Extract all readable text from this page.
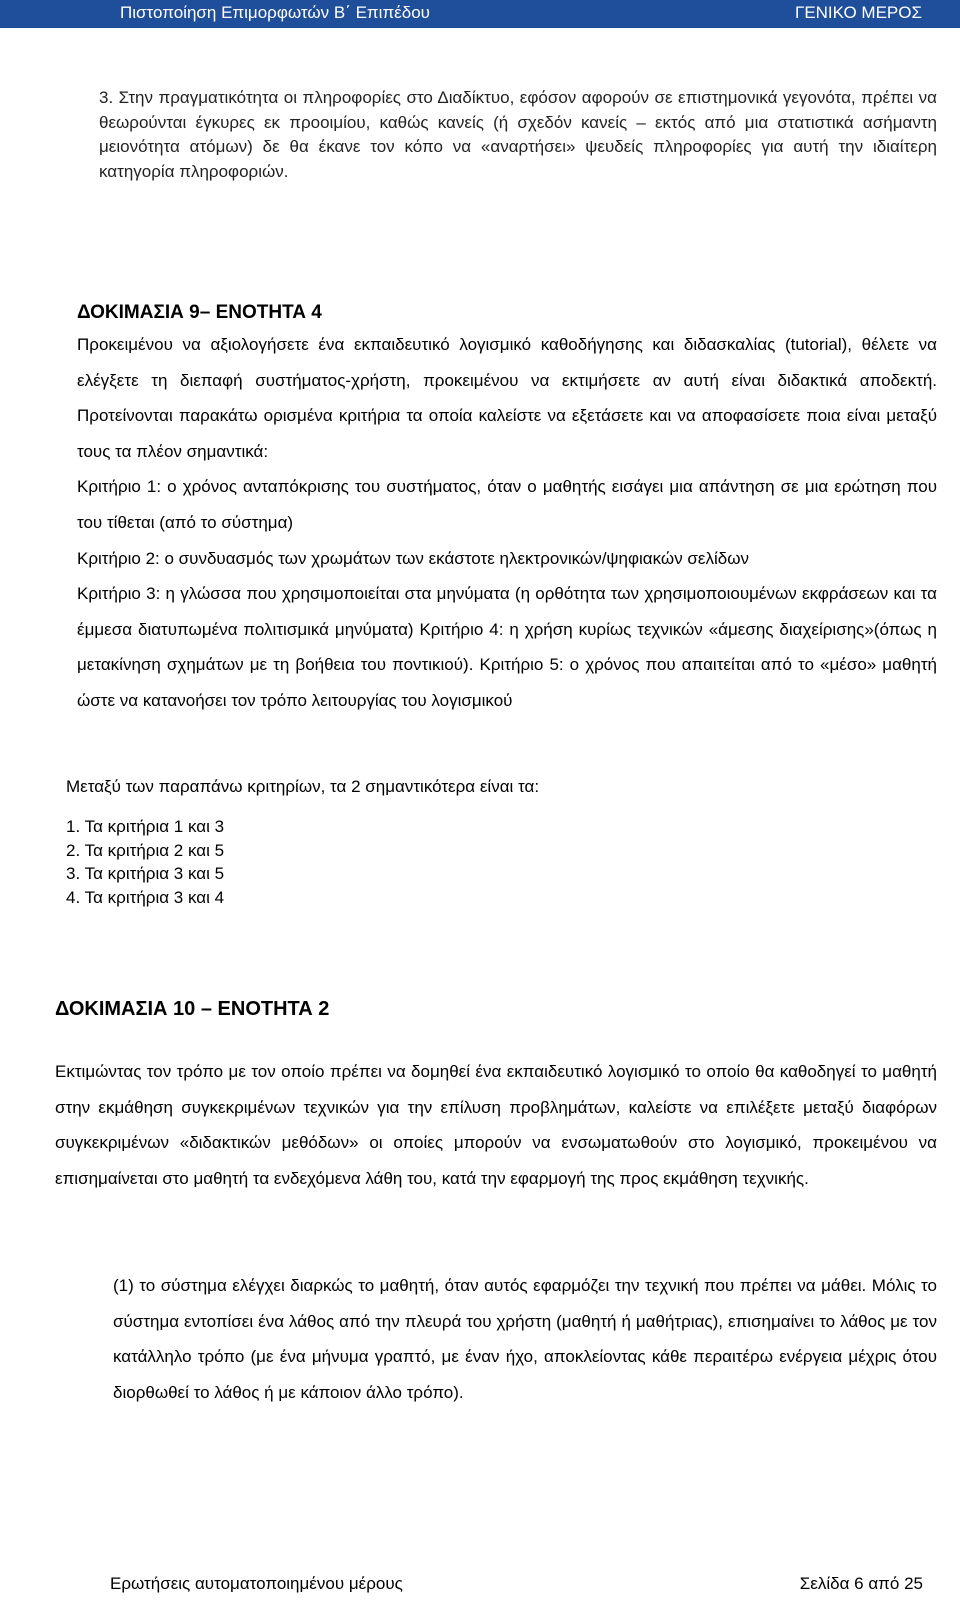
Πιστοποίηση Επιμορφωτών Β΄ Επιπέδου	ΓΕΝΙΚΟ ΜΕΡΟΣ
3. Στην πραγματικότητα οι πληροφορίες στο Διαδίκτυο, εφόσον αφορούν σε επιστημονικά γεγονότα, πρέπει να θεωρούνται έγκυρες εκ προοιμίου, καθώς κανείς (ή σχεδόν κανείς – εκτός από μια στατιστικά ασήμαντη μειονότητα ατόμων) δε θα έκανε τον κόπο να «αναρτήσει» ψευδείς πληροφορίες για αυτή την ιδιαίτερη κατηγορία πληροφοριών.
ΔΟΚΙΜΑΣΙΑ 9– ΕΝΟΤΗΤΑ 4

Προκειμένου να αξιολογήσετε ένα εκπαιδευτικό λογισμικό καθοδήγησης και διδασκαλίας (tutorial), θέλετε να ελέγξετε τη διεπαφή συστήματος-χρήστη, προκειμένου να εκτιμήσετε αν αυτή είναι διδακτικά αποδεκτή. Προτείνονται παρακάτω ορισμένα κριτήρια τα οποία καλείστε να εξετάσετε και να αποφασίσετε ποια είναι μεταξύ τους τα πλέον σημαντικά:

Κριτήριο 1: ο χρόνος ανταπόκρισης του συστήματος, όταν ο μαθητής εισάγει μια απάντηση σε μια ερώτηση που του τίθεται (από το σύστημα)

Κριτήριο 2: ο συνδυασμός των χρωμάτων των εκάστοτε ηλεκτρονικών/ψηφιακών σελίδων

Κριτήριο 3: η γλώσσα που χρησιμοποιείται στα μηνύματα (η ορθότητα των χρησιμοποιουμένων εκφράσεων και τα έμμεσα διατυπωμένα πολιτισμικά μηνύματα) Κριτήριο 4: η χρήση κυρίως τεχνικών «άμεσης διαχείρισης»(όπως η μετακίνηση σχημάτων με τη βοήθεια του ποντικιού). Κριτήριο 5: ο χρόνος που απαιτείται από το «μέσο» μαθητή ώστε να κατανοήσει τον τρόπο λειτουργίας του λογισμικού

Μεταξύ των παραπάνω κριτηρίων, τα 2 σημαντικότερα είναι τα:
1. Τα κριτήρια 1 και 3
2. Τα κριτήρια 2 και 5
3. Τα κριτήρια 3 και 5
4. Τα κριτήρια 3 και 4
ΔΟΚΙΜΑΣΙΑ 10 – ΕΝΟΤΗΤΑ 2
Εκτιμώντας τον τρόπο με τον οποίο πρέπει να δομηθεί ένα εκπαιδευτικό λογισμικό το οποίο θα καθοδηγεί το μαθητή στην εκμάθηση συγκεκριμένων τεχνικών για την επίλυση προβλημάτων, καλείστε να επιλέξετε μεταξύ διαφόρων συγκεκριμένων «διδακτικών μεθόδων» οι οποίες μπορούν να ενσωματωθούν στο λογισμικό, προκειμένου να επισημαίνεται στο μαθητή τα ενδεχόμενα λάθη του, κατά την εφαρμογή της προς εκμάθηση τεχνικής.
(1) το σύστημα ελέγχει διαρκώς το μαθητή, όταν αυτός εφαρμόζει την τεχνική που πρέπει να μάθει. Μόλις το σύστημα εντοπίσει ένα λάθος από την πλευρά του χρήστη (μαθητή ή μαθήτριας), επισημαίνει το λάθος με τον κατάλληλο τρόπο (με ένα μήνυμα γραπτό, με έναν ήχο, αποκλείοντας κάθε περαιτέρω ενέργεια μέχρις ότου διορθωθεί το λάθος ή με κάποιον άλλο τρόπο).
Ερωτήσεις αυτοματοποιημένου μέρους	Σελίδα 6 από 25
